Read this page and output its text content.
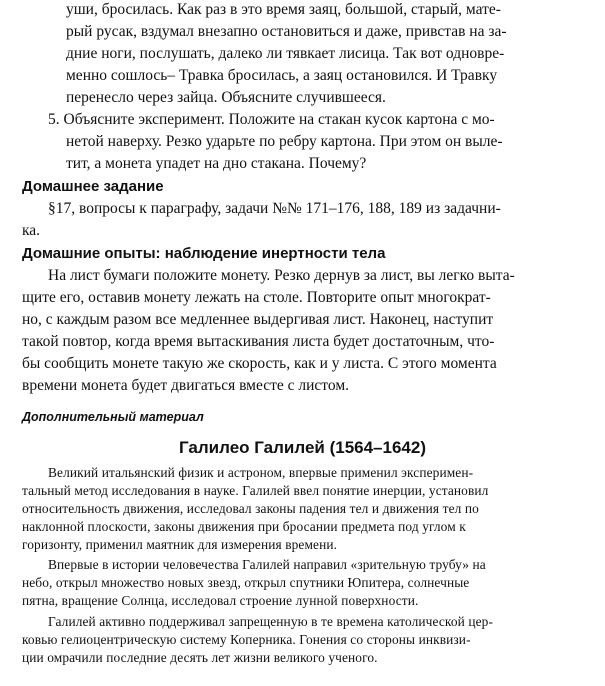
уши, бросилась. Как раз в это время заяц, большой, старый, мате-
рый русак, вздумал внезапно остановиться и даже, привстав на за-
дние ноги, послушать, далеко ли тявкает лисица. Так вот одновре-
менно сошлось– Травка бросилась, а заяц остановился. И Травку
перенесло через зайца. Объясните случившееся.
5. Объясните эксперимент. Положите на стакан кусок картона с мо-
нетой наверху. Резко ударьте по ребру картона. При этом он выле-
тит, а монета упадет на дно стакана. Почему?
Домашнее задание
§17, вопросы к параграфу, задачи №№ 171–176, 188, 189 из задачни-
ка.
Домашние опыты: наблюдение инертности тела
На лист бумаги положите монету. Резко дернув за лист, вы легко выта-
щите его, оставив монету лежать на столе. Повторите опыт многократ-
но, с каждым разом все медленнее выдергивая лист. Наконец, наступит
такой повтор, когда время вытаскивания листа будет достаточным, что-
бы сообщить монете такую же скорость, как и у листа. С этого момента
времени монета будет двигаться вместе с листом.
Дополнительный материал
Галилео Галилей (1564–1642)
Великий итальянский физик и астроном, впервые применил эксперимен-
тальный метод исследования в науке. Галилей ввел понятие инерции, установил
относительность движения, исследовал законы падения тел и движения тел по
наклонной плоскости, законы движения при бросании предмета под углом к
горизонту, применил маятник для измерения времени.
Впервые в истории человечества Галилей направил «зрительную трубу» на
небо, открыл множество новых звезд, открыл спутники Юпитера, солнечные
пятна, вращение Солнца, исследовал строение лунной поверхности.
Галилей активно поддерживал запрещенную в те времена католической цер-
ковью гелиоцентрическую систему Коперника. Гонения со стороны инквизи-
ции омрачили последние десять лет жизни великого ученого.
